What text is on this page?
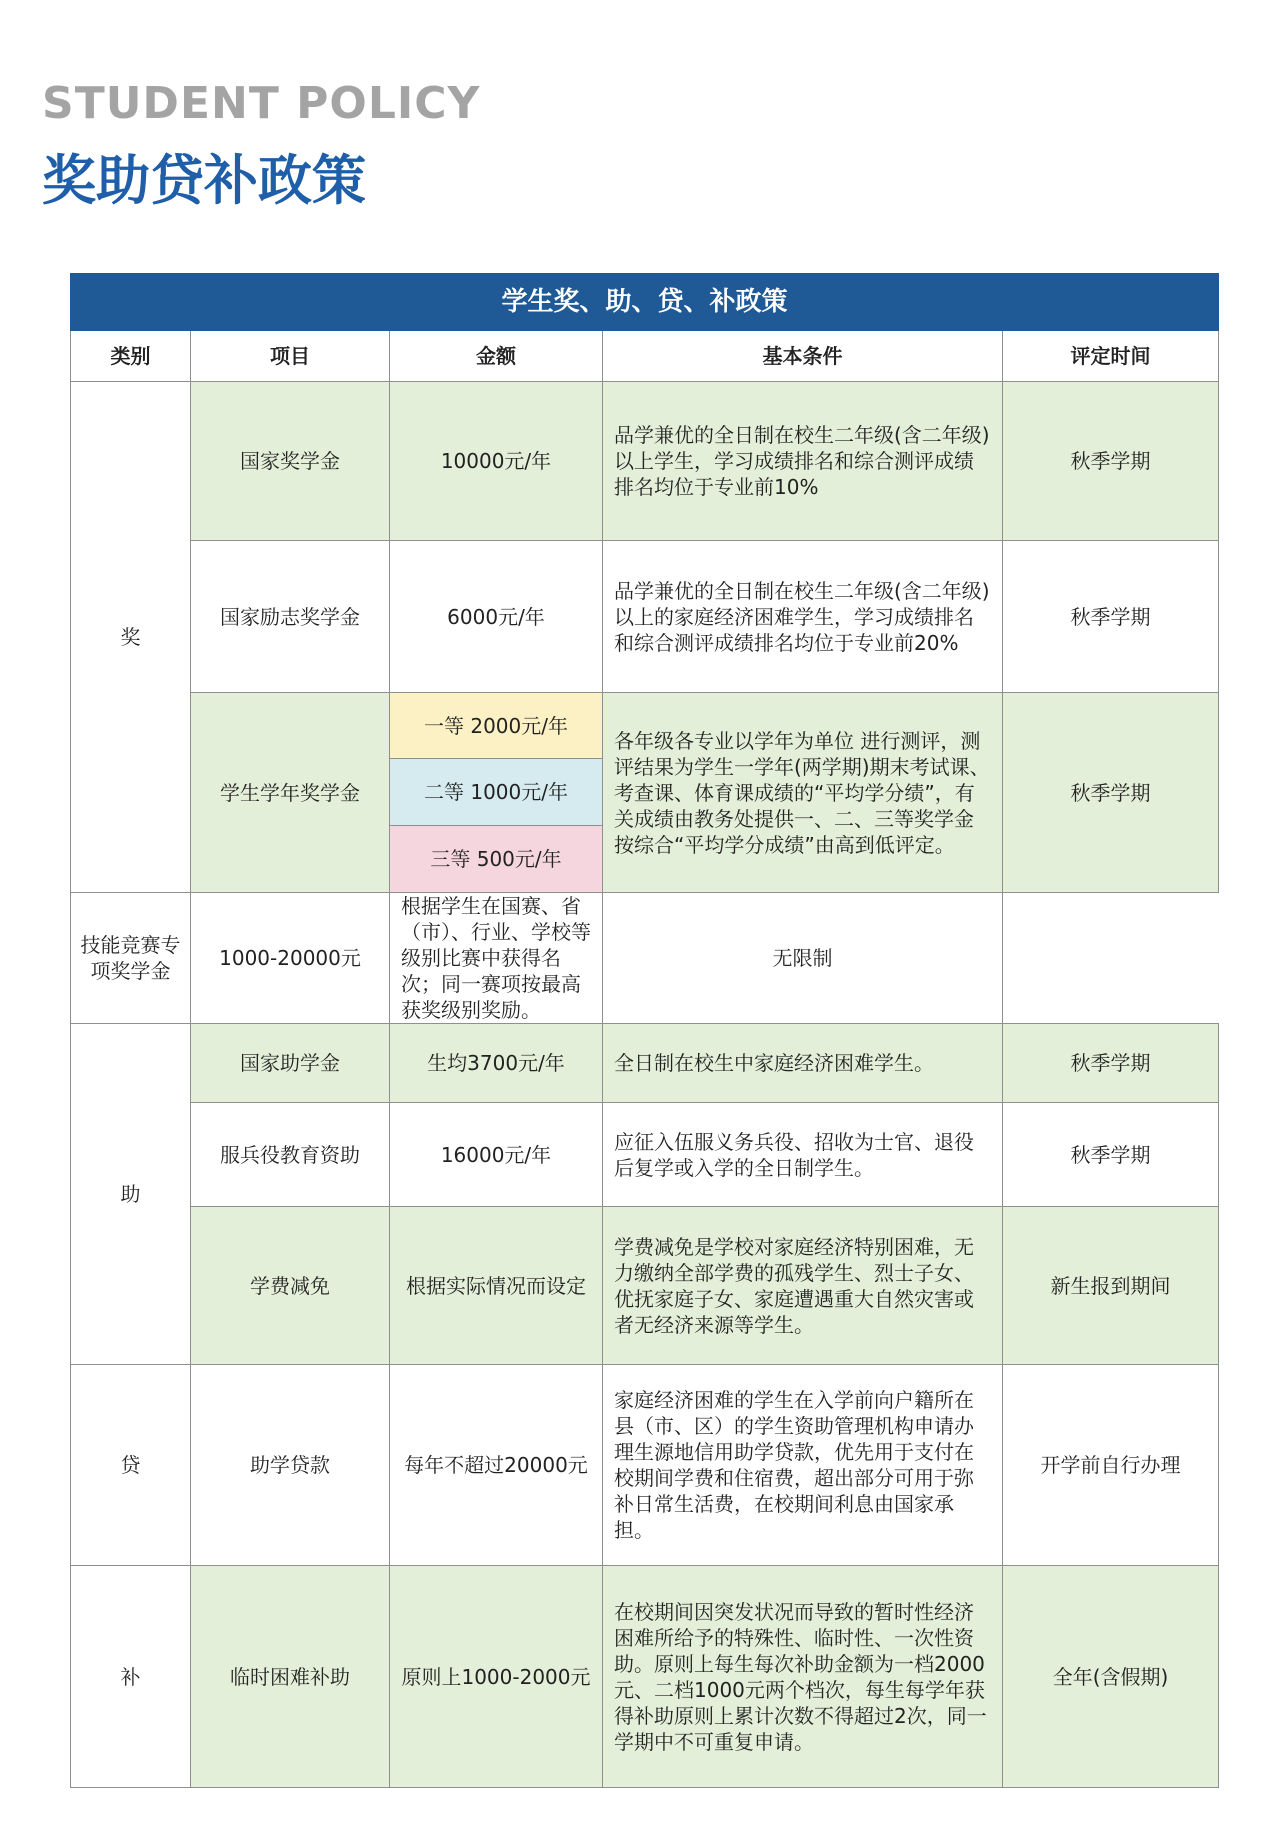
STUDENT POLICY
奖助贷补政策
学生奖、助、贷、补政策				
类别	项目	金额	基本条件	评定时间
奖	国家奖学金	10000元/年	品学兼优的全日制在校生二年级(含二年级)以上学生，学习成绩排名和综合测评成绩 排名均位于专业前10%	秋季学期
	国家励志奖学金	6000元/年	品学兼优的全日制在校生二年级(含二年级)以上的家庭经济困难学生，学习成绩排名和综合测评成绩排名均位于专业前20%	秋季学期
	学生学年奖学金	一等 2000元/年	各年级各专业以学年为单位 进行测评，测评结果为学生一学年(两学期)期末考试课、考查课、体育课成绩的“平均学分绩”，有关成绩由教务处提供一、二、三等奖学金按综合“平均学分成绩”由高到低评定。	秋季学期
		二等 1000元/年		
		三等 500元/年		
技能竞赛专项奖学金	1000-20000元	根据学生在国赛、省（市）、行业、学校等级别比赛中获得名次；同一赛项按最高获奖级别奖励。	无限制	
助	国家助学金	生均3700元/年	全日制在校生中家庭经济困难学生。	秋季学期
	服兵役教育资助	16000元/年	应征入伍服义务兵役、招收为士官、退役后复学或入学的全日制学生。	秋季学期
	学费减免	根据实际情况而设定	学费减免是学校对家庭经济特别困难，无力缴纳全部学费的孤残学生、烈士子女、优抚家庭子女、家庭遭遇重大自然灾害或者无经济来源等学生。	新生报到期间
贷	助学贷款	每年不超过20000元	家庭经济困难的学生在入学前向户籍所在县（市、区）的学生资助管理机构申请办理生源地信用助学贷款，优先用于支付在校期间学费和住宿费，超出部分可用于弥补日常生活费，在校期间利息由国家承担。	开学前自行办理
补	临时困难补助	原则上1000-2000元	在校期间因突发状况而导致的暂时性经济困难所给予的特殊性、临时性、一次性资助。原则上每生每次补助金额为一档2000元、二档1000元两个档次，每生每学年获得补助原则上累计次数不得超过2次，同一学期中不可重复申请。	全年(含假期)
